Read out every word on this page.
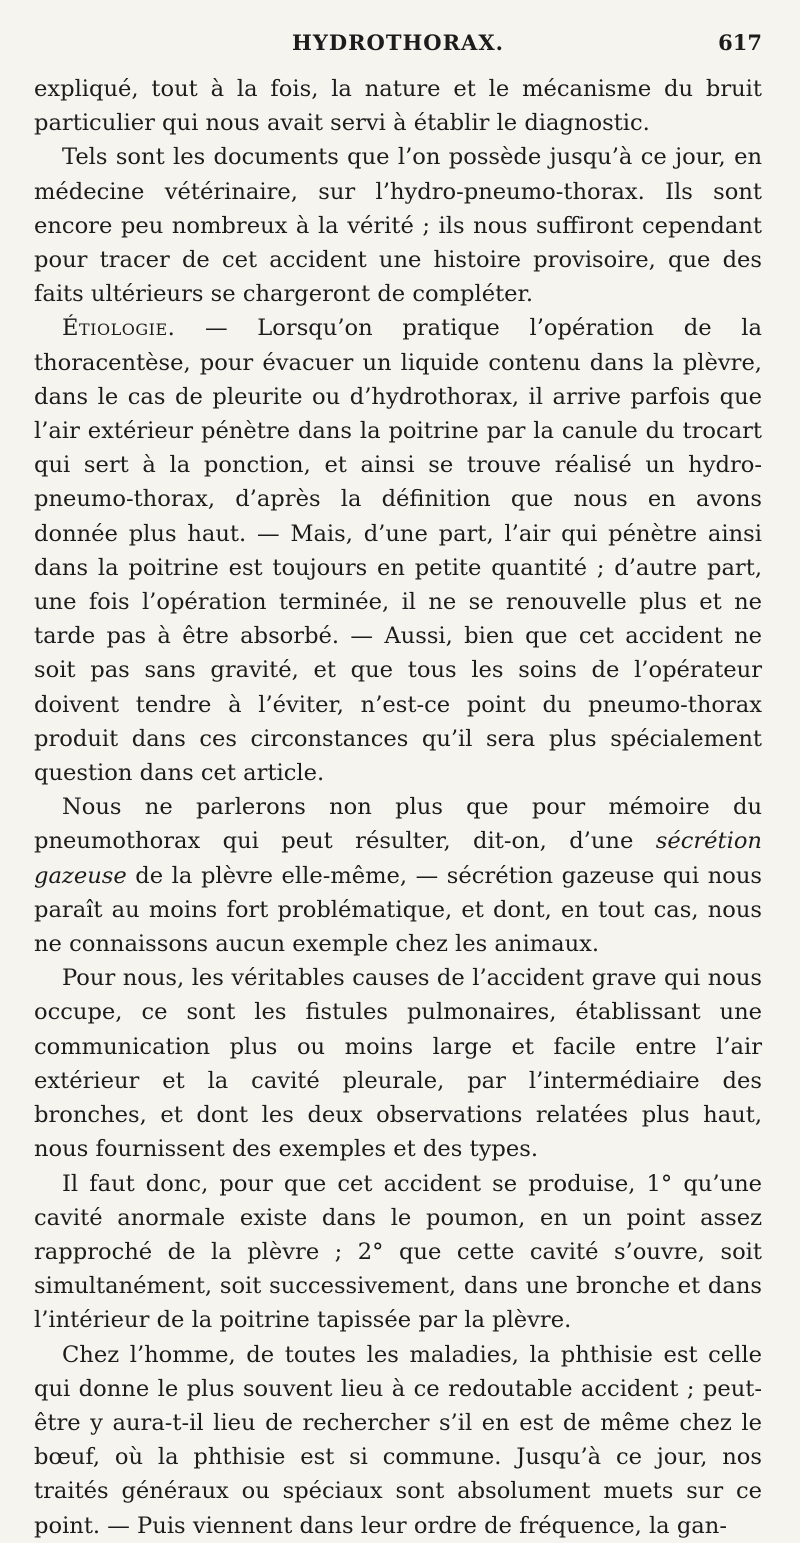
HYDROTHORAX.	617

expliqué, tout à la fois, la nature et le mécanisme du bruit particulier qui nous avait servi à établir le diagnostic.

Tels sont les documents que l’on possède jusqu’à ce jour, en médecine vétérinaire, sur l’hydro-pneumo-thorax. Ils sont encore peu nombreux à la vérité ; ils nous suffiront cependant pour tracer de cet accident une histoire provisoire, que des faits ultérieurs se chargeront de compléter.

Étiologie. — Lorsqu’on pratique l’opération de la thoracentèse, pour évacuer un liquide contenu dans la plèvre, dans le cas de pleurite ou d’hydrothorax, il arrive parfois que l’air extérieur pénètre dans la poitrine par la canule du trocart qui sert à la ponction, et ainsi se trouve réalisé un hydro-pneumo-thorax, d’après la définition que nous en avons donnée plus haut. — Mais, d’une part, l’air qui pénètre ainsi dans la poitrine est toujours en petite quantité ; d’autre part, une fois l’opération terminée, il ne se renouvelle plus et ne tarde pas à être absorbé. — Aussi, bien que cet accident ne soit pas sans gravité, et que tous les soins de l’opérateur doivent tendre à l’éviter, n’est-ce point du pneumo-thorax produit dans ces circonstances qu’il sera plus spécialement question dans cet article.

Nous ne parlerons non plus que pour mémoire du pneumothorax qui peut résulter, dit-on, d’une sécrétion gazeuse de la plèvre elle-même, — sécrétion gazeuse qui nous paraît au moins fort problématique, et dont, en tout cas, nous ne connaissons aucun exemple chez les animaux.

Pour nous, les véritables causes de l’accident grave qui nous occupe, ce sont les fistules pulmonaires, établissant une communication plus ou moins large et facile entre l’air extérieur et la cavité pleurale, par l’intermédiaire des bronches, et dont les deux observations relatées plus haut, nous fournissent des exemples et des types.

Il faut donc, pour que cet accident se produise, 1° qu’une cavité anormale existe dans le poumon, en un point assez rapproché de la plèvre ; 2° que cette cavité s’ouvre, soit simultanément, soit successivement, dans une bronche et dans l’intérieur de la poitrine tapissée par la plèvre.

Chez l’homme, de toutes les maladies, la phthisie est celle qui donne le plus souvent lieu à ce redoutable accident ; peut-être y aura-t-il lieu de rechercher s’il en est de même chez le bœuf, où la phthisie est si commune. Jusqu’à ce jour, nos traités généraux ou spéciaux sont absolument muets sur ce point. — Puis viennent dans leur ordre de fréquence, la gan-
